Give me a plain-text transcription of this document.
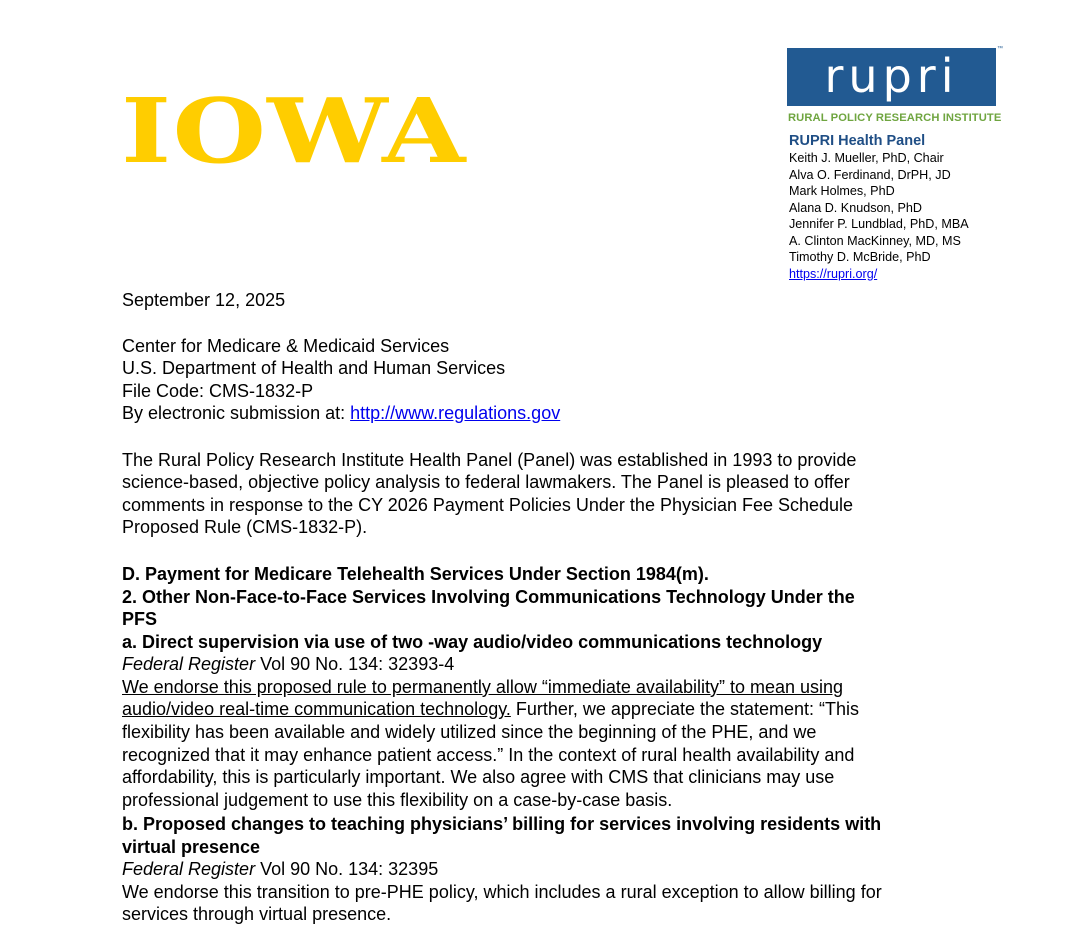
IOWA
rupri	™
RURAL POLICY RESEARCH INSTITUTE
RUPRI Health Panel
Keith J. Mueller, PhD, Chair
Alva O. Ferdinand, DrPH, JD
Mark Holmes, PhD
Alana D. Knudson, PhD
Jennifer P. Lundblad, PhD, MBA
A. Clinton MacKinney, MD, MS
Timothy D. McBride, PhD
https://rupri.org/
September 12, 2025
Center for Medicare & Medicaid Services
U.S. Department of Health and Human Services
File Code: CMS-1832-P
By electronic submission at: http://www.regulations.gov
The Rural Policy Research Institute Health Panel (Panel) was established in 1993 to provide
science-based, objective policy analysis to federal lawmakers. The Panel is pleased to offer
comments in response to the CY 2026 Payment Policies Under the Physician Fee Schedule
Proposed Rule (CMS-1832-P).
D. Payment for Medicare Telehealth Services Under Section 1984(m).
2. Other Non-Face-to-Face Services Involving Communications Technology Under the
PFS
a. Direct supervision via use of two -way audio/video communications technology
Federal Register Vol 90 No. 134: 32393-4
We endorse this proposed rule to permanently allow “immediate availability” to mean using
audio/video real-time communication technology. Further, we appreciate the statement: “This
flexibility has been available and widely utilized since the beginning of the PHE, and we
recognized that it may enhance patient access.” In the context of rural health availability and
affordability, this is particularly important. We also agree with CMS that clinicians may use
professional judgement to use this flexibility on a case-by-case basis.
b. Proposed changes to teaching physicians’ billing for services involving residents with
virtual presence
Federal Register Vol 90 No. 134: 32395
We endorse this transition to pre-PHE policy, which includes a rural exception to allow billing for
services through virtual presence.
